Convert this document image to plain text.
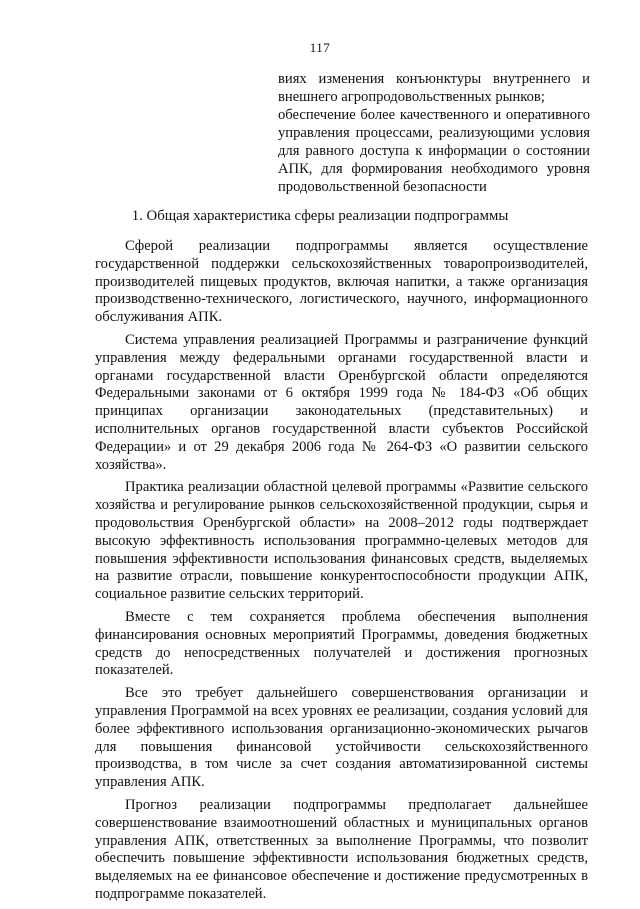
117

виях изменения конъюнктуры внутреннего и внешнего агропродовольственных рынков;

обеспечение более качественного и оперативного управления процессами, реализующими условия для равного доступа к информации о состоянии АПК, для формирования необходимого уровня продовольственной безопасности

1. Общая характеристика сферы реализации подпрограммы

Сферой реализации подпрограммы является осуществление государственной поддержки сельскохозяйственных товаропроизводителей, производителей пищевых продуктов, включая напитки, а также организация производственно-технического, логистического, научного, информационного обслуживания АПК.

Система управления реализацией Программы и разграничение функций управления между федеральными органами государственной власти и органами государственной власти Оренбургской области определяются Федеральными законами от 6 октября 1999 года № 184-ФЗ «Об общих принципах организации законодательных (представительных) и исполнительных органов государственной власти субъектов Российской Федерации» и от 29 декабря 2006 года № 264-ФЗ «О развитии сельского хозяйства».

Практика реализации областной целевой программы «Развитие сельского хозяйства и регулирование рынков сельскохозяйственной продукции, сырья и продовольствия Оренбургской области» на 2008–2012 годы подтверждает высокую эффективность использования программно-целевых методов для повышения эффективности использования финансовых средств, выделяемых на развитие отрасли, повышение конкурентоспособности продукции АПК, социальное развитие сельских территорий.

Вместе с тем сохраняется проблема обеспечения выполнения финансирования основных мероприятий Программы, доведения бюджетных средств до непосредственных получателей и достижения прогнозных показателей.

Все это требует дальнейшего совершенствования организации и управления Программой на всех уровнях ее реализации, создания условий для более эффективного использования организационно-экономических рычагов для повышения финансовой устойчивости сельскохозяйственного производства, в том числе за счет создания автоматизированной системы управления АПК.

Прогноз реализации подпрограммы предполагает дальнейшее совершенствование взаимоотношений областных и муниципальных органов управления АПК, ответственных за выполнение Программы, что позволит обеспечить повышение эффективности использования бюджетных средств, выделяемых на ее финансовое обеспечение и достижение предусмотренных в подпрограмме показателей.
